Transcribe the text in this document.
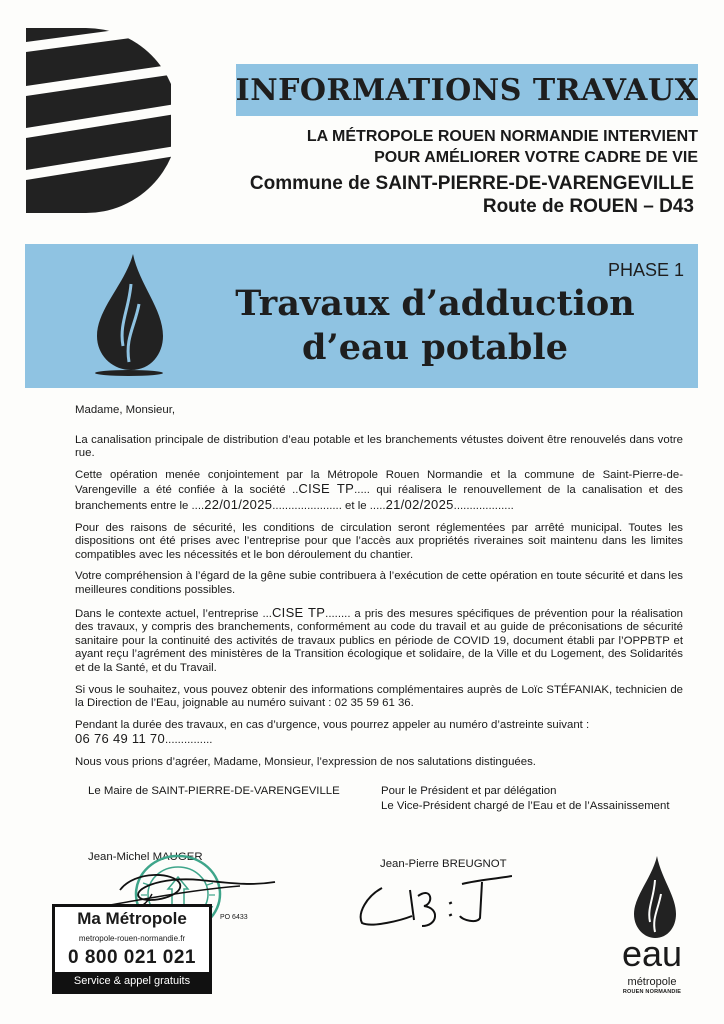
INFORMATIONS TRAVAUX
LA MÉTROPOLE ROUEN NORMANDIE INTERVIENT
POUR AMÉLIORER VOTRE CADRE DE VIE
Commune de SAINT-PIERRE-DE-VARENGEVILLE
Route de ROUEN – D43
PHASE 1
Travaux d’adduction
d’eau potable

Madame, Monsieur,

La canalisation principale de distribution d’eau potable et les branchements vétustes doivent être renouvelés dans votre rue.

Cette opération menée conjointement par la Métropole Rouen Normandie et la commune de Saint-Pierre-de-Varengeville a été confiée à la société ..CISE TP..... qui réalisera le renouvellement de la canalisation et des branchements entre le ....22/01/2025...................... et le .....21/02/2025...................

Pour des raisons de sécurité, les conditions de circulation seront réglementées par arrêté municipal. Toutes les dispositions ont été prises avec l’entreprise pour que l’accès aux propriétés riveraines soit maintenu dans les limites compatibles avec les nécessités et le bon déroulement du chantier.

Votre compréhension à l’égard de la gêne subie contribuera à l’exécution de cette opération en toute sécurité et dans les meilleures conditions possibles.

Dans le contexte actuel, l’entreprise ...CISE TP........ a pris des mesures spécifiques de prévention pour la réalisation des travaux, y compris des branchements, conformément au code du travail et au guide de préconisations de sécurité sanitaire pour la continuité des activités de travaux publics en période de COVID 19, document établi par l’OPPBTP et ayant reçu l’agrément des ministères de la Transition écologique et solidaire, de la Ville et du Logement, des Solidarités et de la Santé, et du Travail.

Si vous le souhaitez, vous pouvez obtenir des informations complémentaires auprès de Loïc STÉFANIAK, technicien de la Direction de l’Eau, joignable au numéro suivant : 02 35 59 61 36.

Pendant la durée des travaux, en cas d’urgence, vous pourrez appeler au numéro d’astreinte suivant :
06 76 49 11 70...............

Nous vous prions d’agréer, Madame, Monsieur, l’expression de nos salutations distinguées.

Le Maire de SAINT-PIERRE-DE-VARENGEVILLE	Pour le Président et par délégation
Le Vice-Président chargé de l’Eau et de l’Assainissement
Jean-Michel MAUGER
Jean-Pierre BREUGNOT
Ma Métropole
metropole-rouen-normandie.fr
0 800 021 021
Service & appel gratuits
PO 6433
eau
métropole
ROUEN NORMANDIE
